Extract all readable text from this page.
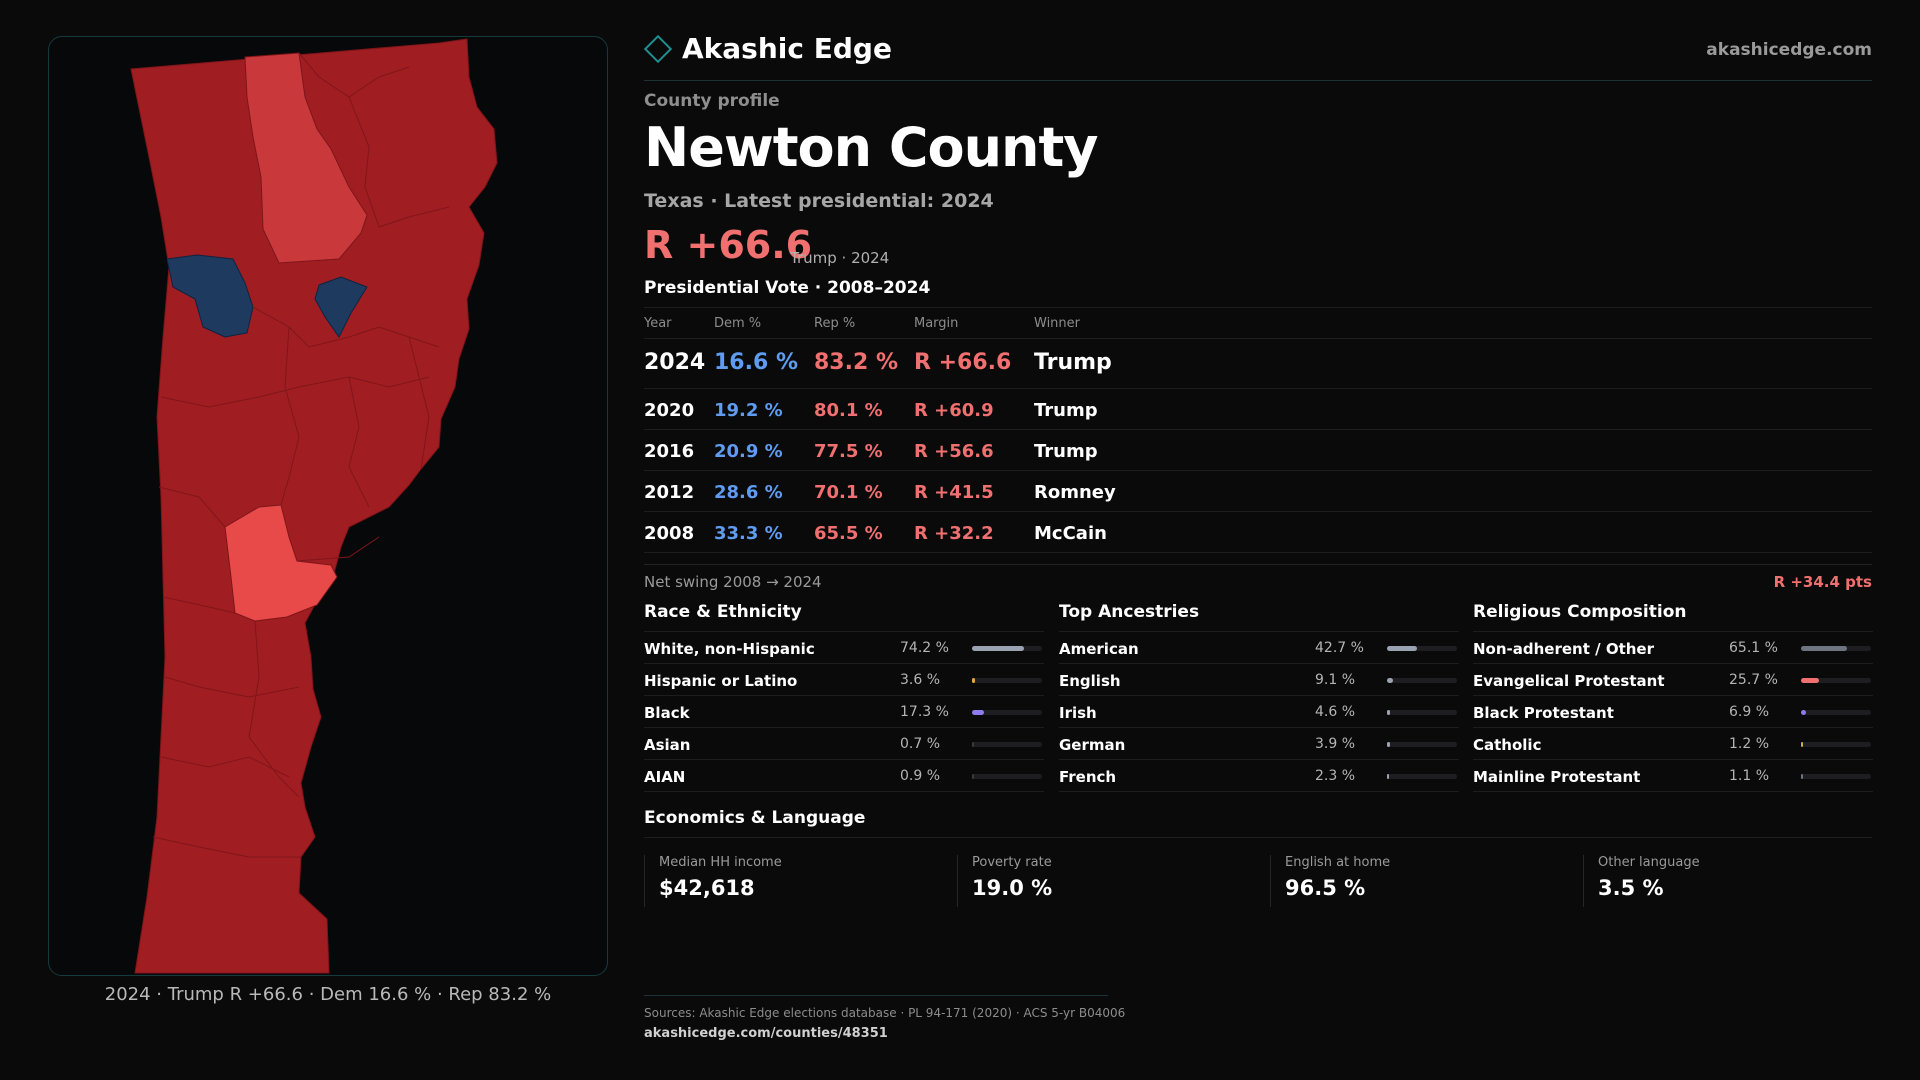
2024 · Trump R +66.6 · Dem 16.6 % · Rep 83.2 %
Akashic Edge	akashicedge.com
County profile
Newton County
Texas · Latest presidential: 2024
R +66.6
Trump · 2024
Presidential Vote · 2008–2024
Year	Dem %	Rep %	Margin	Winner
2024 16.6 % 83.2 % R +66.6 Trump
2020 19.2 % 80.1 % R +60.9 Trump
2016 20.9 % 77.5 % R +56.6 Trump
2012 28.6 % 70.1 % R +41.5 Romney
2008 33.3 % 65.5 % R +32.2 McCain
Net swing 2008 → 2024	R +34.4 pts
Race & Ethnicity
White, non-Hispanic	74.2 %
Hispanic or Latino	3.6 %
Black	17.3 %
Asian	0.7 %
AIAN	0.9 %
Top Ancestries
American	42.7 %
English	9.1 %
Irish	4.6 %
German	3.9 %
French	2.3 %
Religious Composition
Non-adherent / Other	65.1 %
Evangelical Protestant	25.7 %
Black Protestant	6.9 %
Catholic	1.2 %
Mainline Protestant	1.1 %
Economics & Language
Median HH income
$42,618
Poverty rate
19.0 %
English at home
96.5 %
Other language
3.5 %
Sources: Akashic Edge elections database · PL 94-171 (2020) · ACS 5-yr B04006
akashicedge.com/counties/48351
